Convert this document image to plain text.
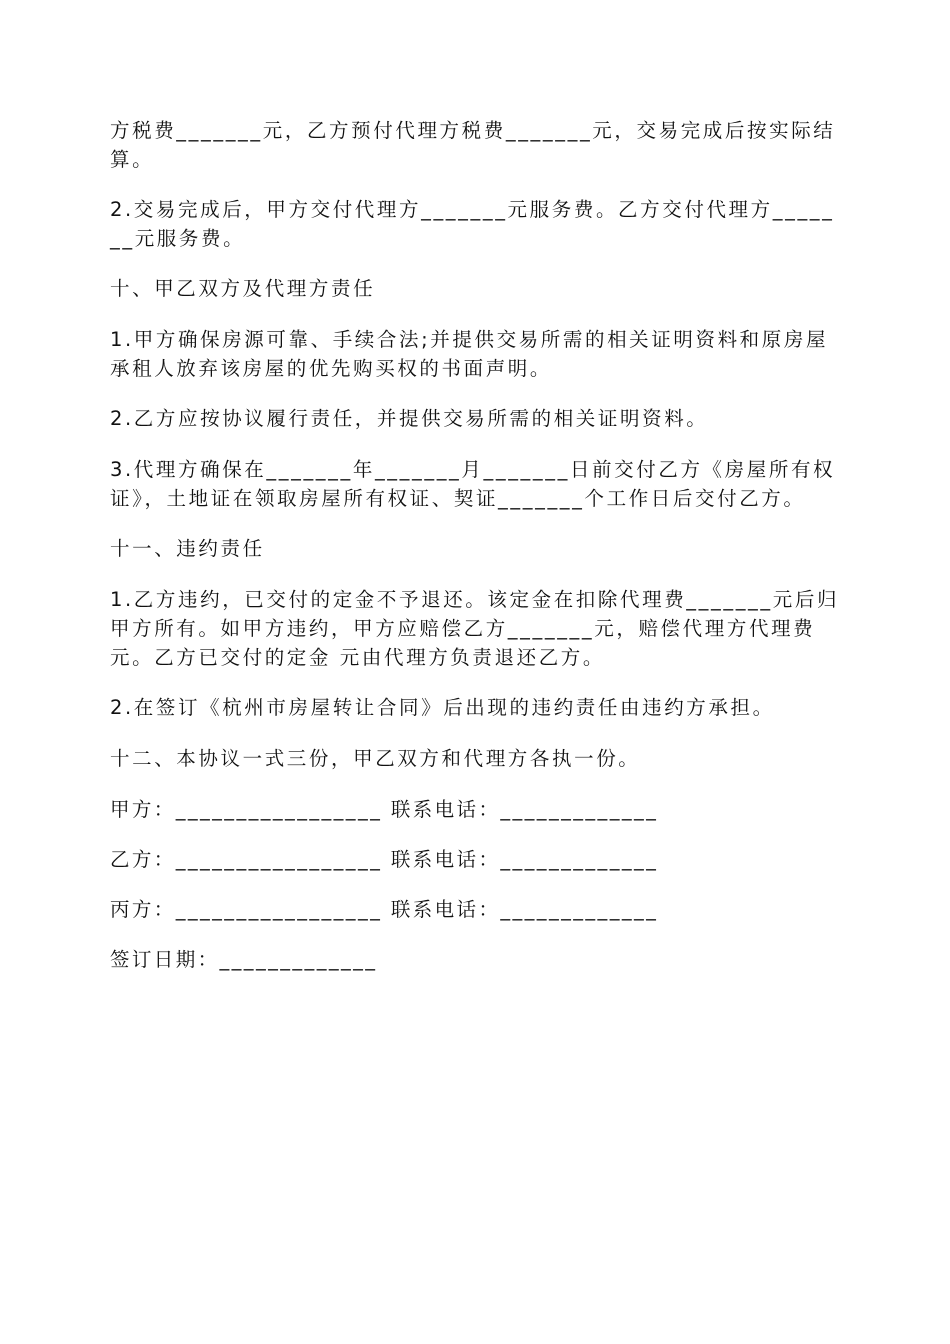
方税费_______元，乙方预付代理方税费_______元，交易完成后按实际结算。

2.交易完成后，甲方交付代理方_______元服务费。乙方交付代理方_______元服务费。

十、甲乙双方及代理方责任

1.甲方确保房源可靠、手续合法;并提供交易所需的相关证明资料和原房屋承租人放弃该房屋的优先购买权的书面声明。

2.乙方应按协议履行责任，并提供交易所需的相关证明资料。

3.代理方确保在_______年_______月_______日前交付乙方《房屋所有权证》，土地证在领取房屋所有权证、契证_______个工作日后交付乙方。

十一、违约责任

1.乙方违约，已交付的定金不予退还。该定金在扣除代理费_______元后归甲方所有。如甲方违约，甲方应赔偿乙方_______元，赔偿代理方代理费元。乙方已交付的定金 元由代理方负责退还乙方。

2.在签订《杭州市房屋转让合同》后出现的违约责任由违约方承担。

十二、本协议一式三份，甲乙双方和代理方各执一份。

甲方：_________________ 联系电话：_____________
乙方：_________________ 联系电话：_____________
丙方：_________________ 联系电话：_____________
签订日期：_____________
